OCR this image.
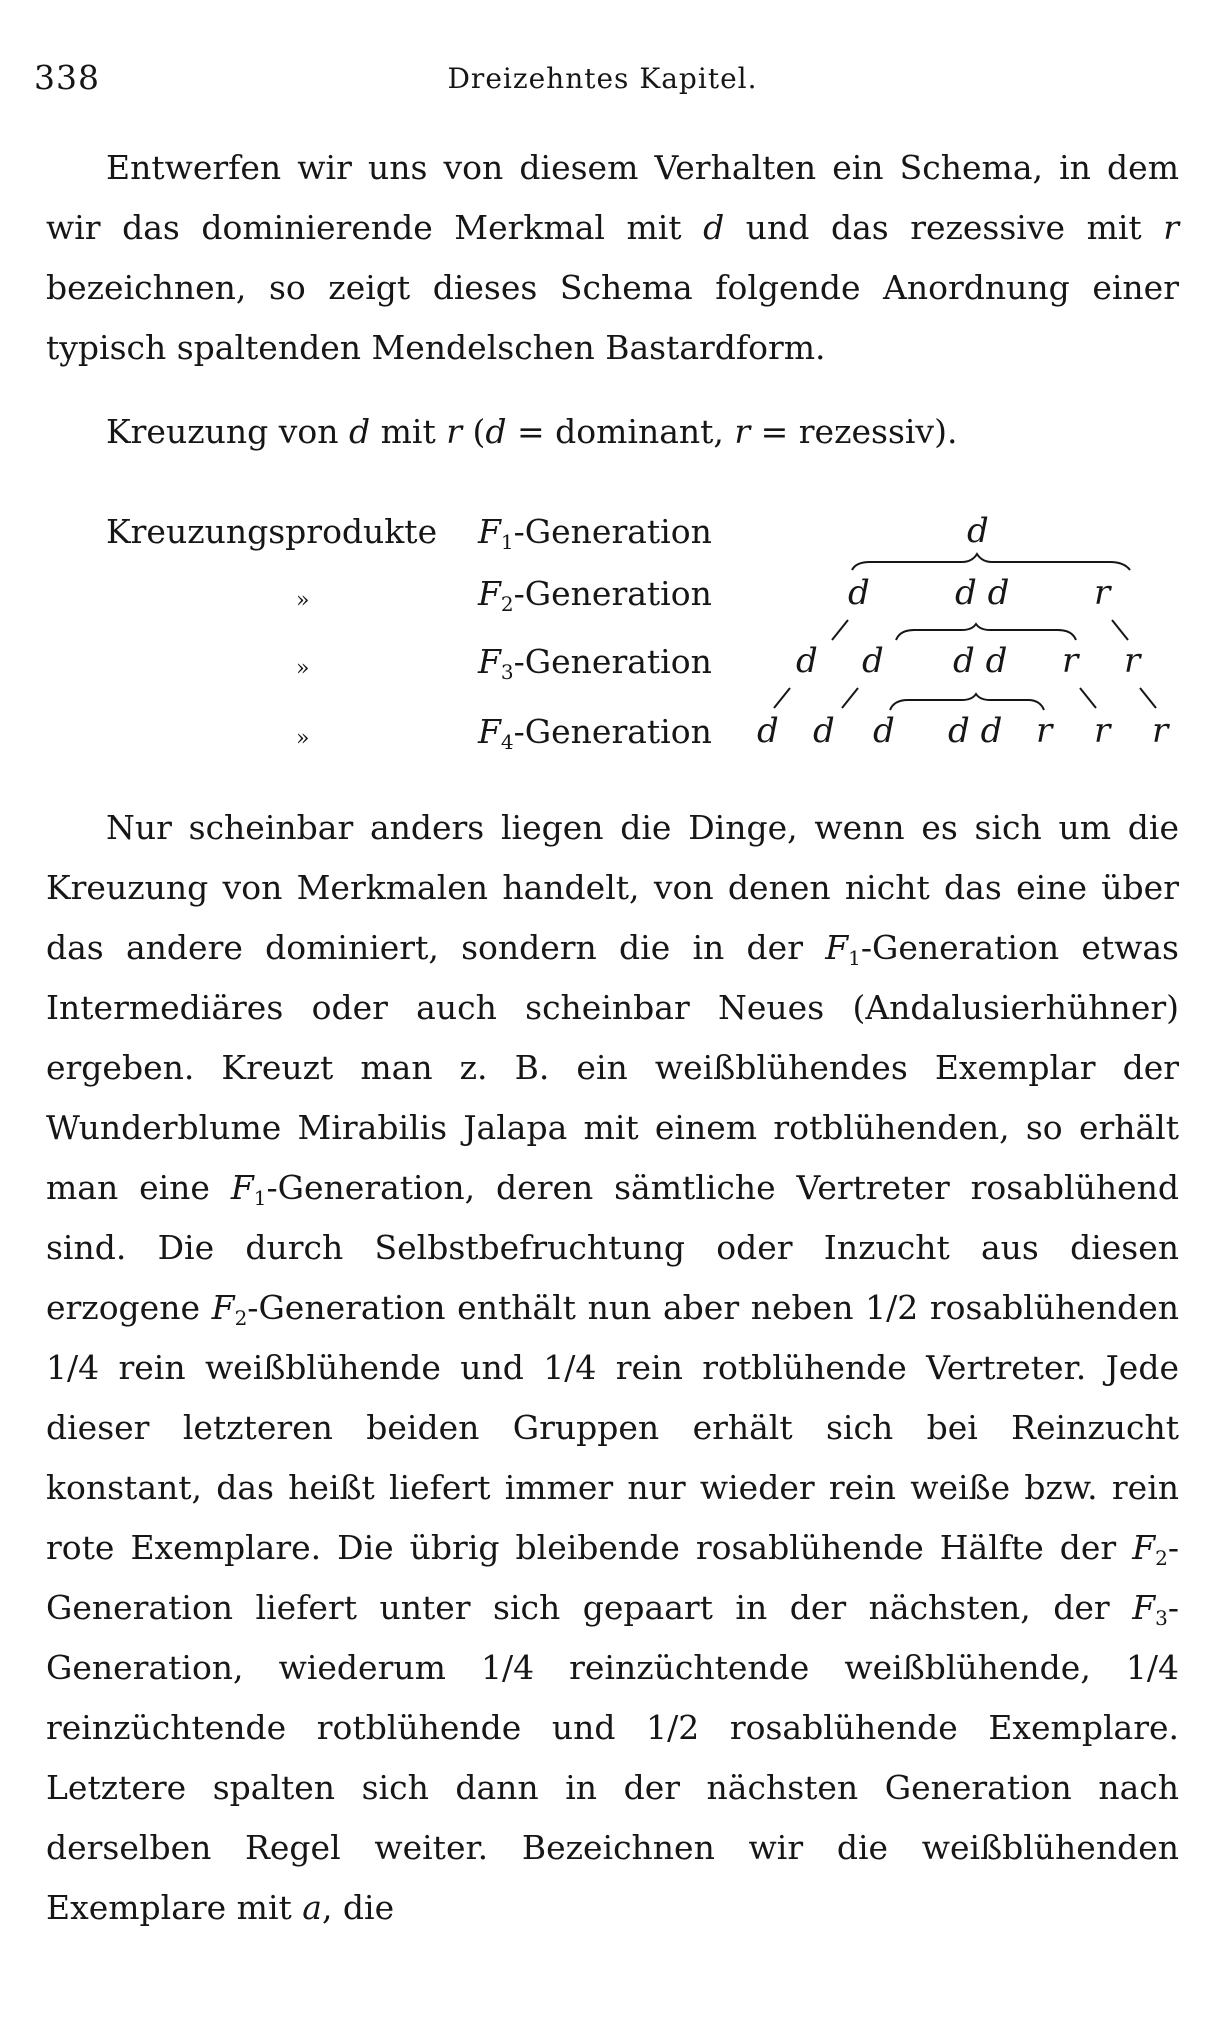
338	Dreizehntes Kapitel.

Entwerfen wir uns von diesem Verhalten ein Schema, in dem wir das dominierende Merkmal mit d und das rezessive mit r bezeichnen, so zeigt dieses Schema folgende Anordnung einer typisch spaltenden Mendelschen Bastardform.

Kreuzung von d mit r (d = dominant, r = rezessiv).

Kreuzungsprodukte
»
»
»
$F_1$-Generation
$F_2$-Generation
$F_3$-Generation
$F_4$-Generation
d
d	d d r
d d d d r r
d d d d d r r r

Nur scheinbar anders liegen die Dinge, wenn es sich um die Kreuzung von Merkmalen handelt, von denen nicht das eine über das andere dominiert, sondern die in der $F_1$-Generation etwas Intermediäres oder auch scheinbar Neues (Andalusierhühner) ergeben. Kreuzt man z. B. ein weißblühendes Exemplar der Wunderblume Mirabilis Jalapa mit einem rotblühenden, so erhält man eine $F_1$-Generation, deren sämtliche Vertreter rosablühend sind. Die durch Selbstbefruchtung oder Inzucht aus diesen erzogene $F_2$-Generation enthält nun aber neben 1/2 rosablühenden 1/4 rein weißblühende und 1/4 rein rotblühende Vertreter. Jede dieser letzteren beiden Gruppen erhält sich bei Reinzucht konstant, das heißt liefert immer nur wieder rein weiße bzw. rein rote Exemplare. Die übrig bleibende rosablühende Hälfte der $F_2$-Generation liefert unter sich gepaart in der nächsten, der $F_3$-Generation, wiederum 1/4 reinzüchtende weißblühende, 1/4 reinzüchtende rotblühende und 1/2 rosablühende Exemplare. Letztere spalten sich dann in der nächsten Generation nach derselben Regel weiter. Bezeichnen wir die weißblühenden Exemplare mit a, die
